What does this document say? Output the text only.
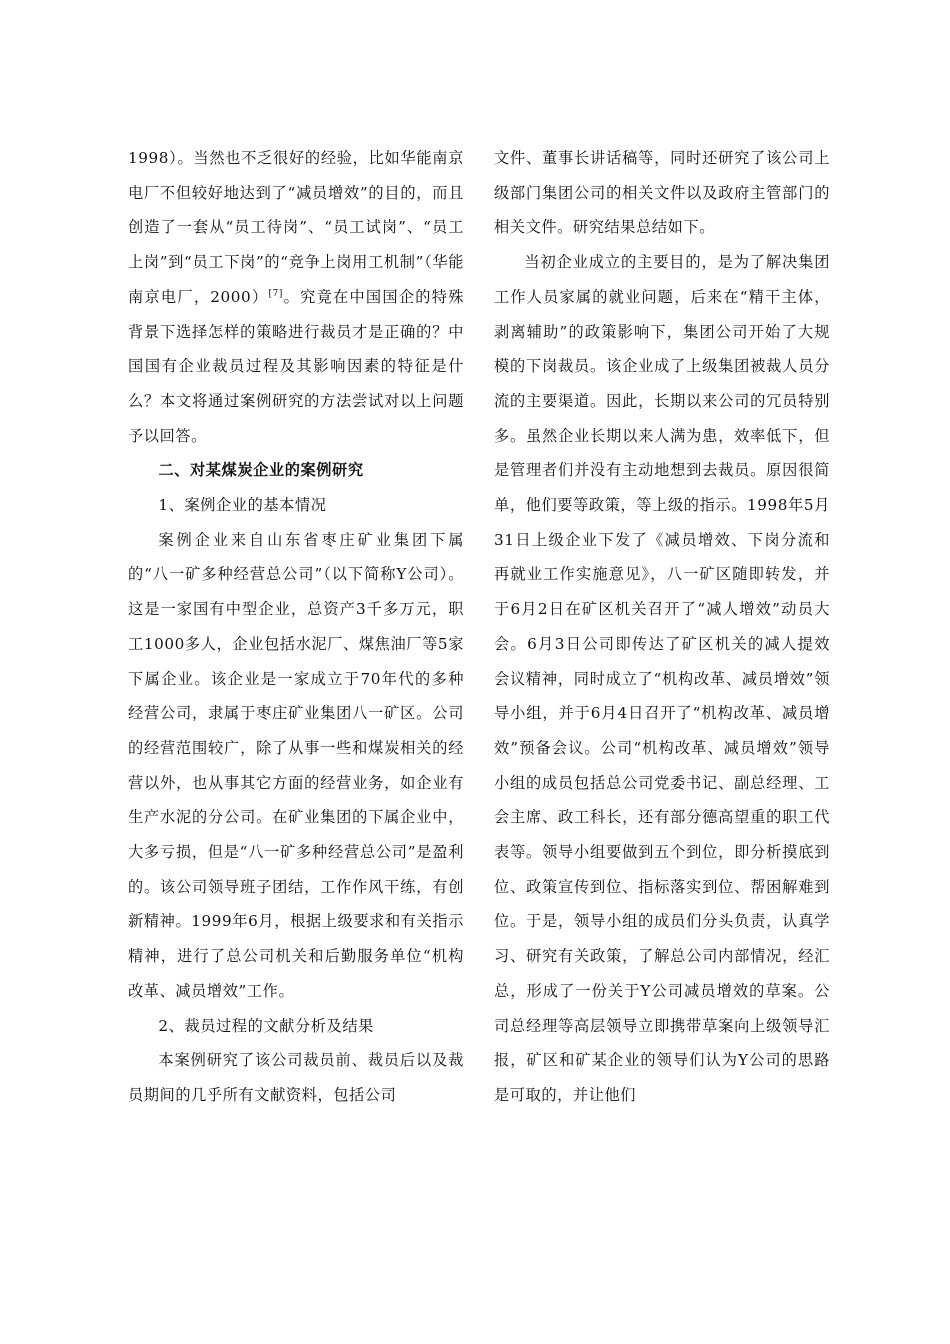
1998）。当然也不乏很好的经验，比如华能南京电厂不但较好地达到了“减员增效”的目的，而且创造了一套从“员工待岗”、“员工试岗”、“员工上岗”到“员工下岗”的“竞争上岗用工机制”（华能南京电厂，2000）[7]。究竟在中国国企的特殊背景下选择怎样的策略进行裁员才是正确的？中国国有企业裁员过程及其影响因素的特征是什么？本文将通过案例研究的方法尝试对以上问题予以回答。

二、对某煤炭企业的案例研究

1、案例企业的基本情况

案例企业来自山东省枣庄矿业集团下属的“八一矿多种经营总公司”（以下简称Y公司）。这是一家国有中型企业，总资产3千多万元，职工1000多人，企业包括水泥厂、煤焦油厂等5家下属企业。该企业是一家成立于70年代的多种经营公司，隶属于枣庄矿业集团八一矿区。公司的经营范围较广，除了从事一些和煤炭相关的经营以外，也从事其它方面的经营业务，如企业有生产水泥的分公司。在矿业集团的下属企业中，大多亏损，但是“八一矿多种经营总公司”是盈利的。该公司领导班子团结，工作作风干练，有创新精神。1999年6月，根据上级要求和有关指示精神，进行了总公司机关和后勤服务单位“机构改革、减员增效”工作。

2、裁员过程的文献分析及结果

本案例研究了该公司裁员前、裁员后以及裁员期间的几乎所有文献资料，包括公司

文件、董事长讲话稿等，同时还研究了该公司上级部门集团公司的相关文件以及政府主管部门的相关文件。研究结果总结如下。

当初企业成立的主要目的，是为了解决集团工作人员家属的就业问题，后来在“精干主体，剥离辅助”的政策影响下，集团公司开始了大规模的下岗裁员。该企业成了上级集团被裁人员分流的主要渠道。因此，长期以来公司的冗员特别多。虽然企业长期以来人满为患，效率低下，但是管理者们并没有主动地想到去裁员。原因很简单，他们要等政策，等上级的指示。1998年5月31日上级企业下发了《减员增效、下岗分流和再就业工作实施意见》，八一矿区随即转发，并于6月2日在矿区机关召开了“减人增效”动员大会。6月3日公司即传达了矿区机关的减人提效会议精神，同时成立了“机构改革、减员增效”领导小组，并于6月4日召开了“机构改革、减员增效”预备会议。公司“机构改革、减员增效”领导小组的成员包括总公司党委书记、副总经理、工会主席、政工科长，还有部分德高望重的职工代表等。领导小组要做到五个到位，即分析摸底到位、政策宣传到位、指标落实到位、帮困解难到位。于是，领导小组的成员们分头负责，认真学习、研究有关政策，了解总公司内部情况，经汇总，形成了一份关于Y公司减员增效的草案。公司总经理等高层领导立即携带草案向上级领导汇报，矿区和矿某企业的领导们认为Y公司的思路是可取的，并让他们
